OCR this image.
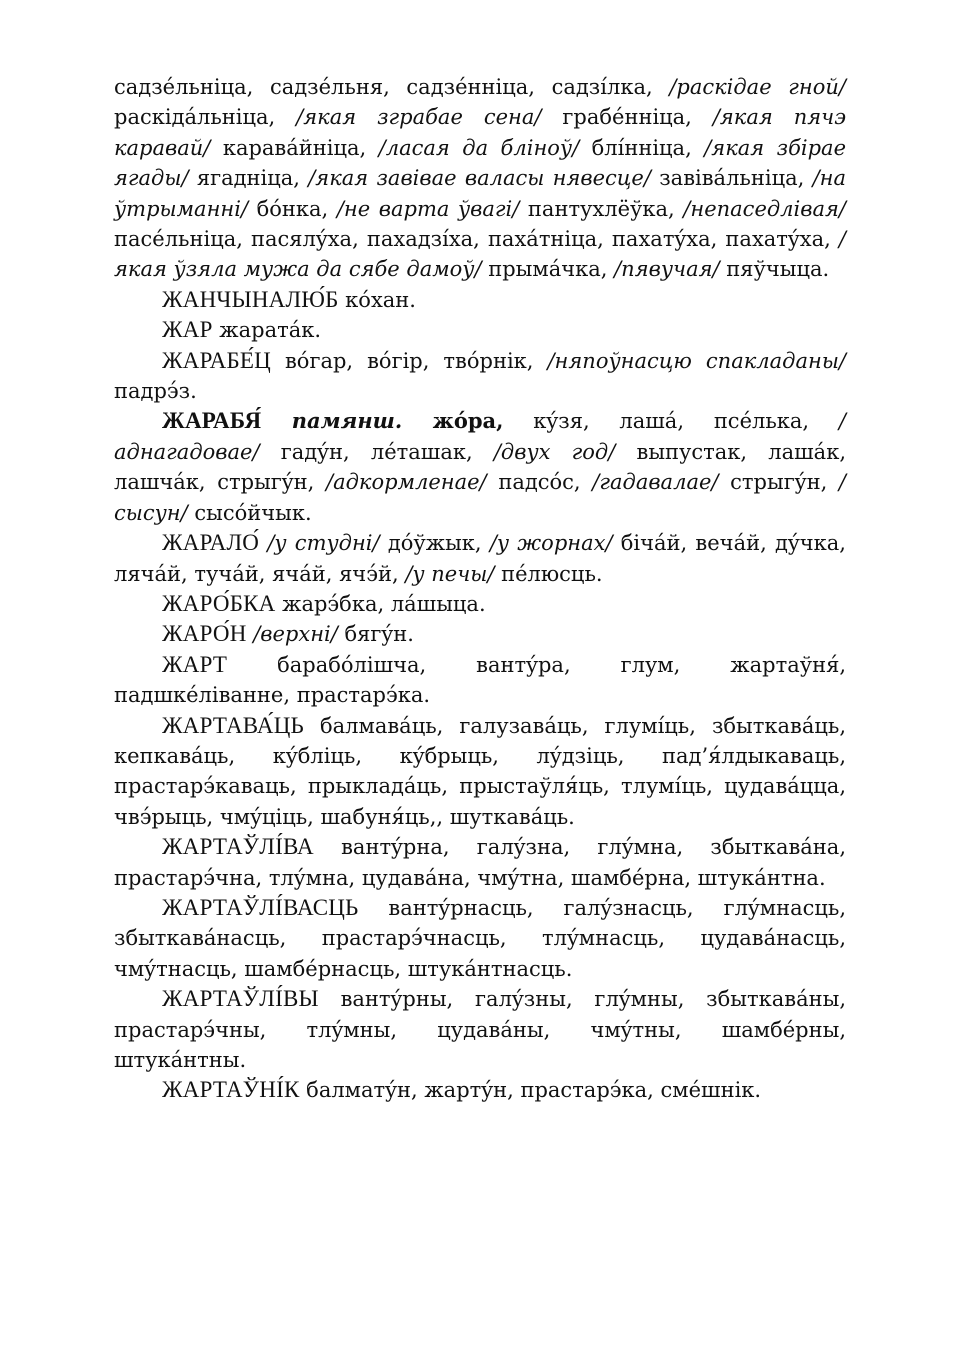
садзéльніца, садзéльня, садзéнніца, садзíлка, /раскідае гной/ раскідáльніца, /якая зграбае сена/ грабéнніца, /якая пячэ каравай/ каравáйніца, /ласая да бліноў/ блíнніца, /якая збірае ягады/ ягадніца, /якая завівае валасы нявесце/ завівáльніца, /на ўтрыманні/ бóнка, /не варта ўвагі/ пантухлёўка, /непаседлівая/ пасéльніца, пасялýха, пахадзíха, пахáтніца, пахатýха, пахатýха, /якая ўзяла мужа да сябе дамоў/ прымáчка, /пявучая/ пяўчыца.

ЖАНЧЫНАЛЮ́Б кóхан.

ЖАР жаратáк.

ЖАРАБЕ́Ц вóгар, вóгір, твóрнік, /няпоўнасцю спакладаны/ падрэ́з.

ЖАРАБЯ́ памянш. жóра, кýзя, лашá, псéлька, /аднагадовае/ гадýн, лéташак, /двух год/ выпустак, лашáк, лашчáк, стрыгýн, /адкормленае/ падсóс, /гадавалае/ стрыгýн, /сысун/ сысóйчык.

ЖАРАЛО́ /у студні/ дóўжык, /у жорнах/ бічáй, вечáй, дýчка, лячáй, тучáй, ячáй, ячэ́й, /у печы/ пéлюсць.

ЖАРО́БКА жарэ́бка, лáшыца.

ЖАРО́Н /верхні/ бягýн.

ЖАРТ барабóлішча, вантýра, глум, жартаўня́, падшкéліванне, прастарэ́ка.

ЖАРТАВА́ЦЬ балмавáць, галузавáць, глумíць, збыткавáць, кепкавáць, кýбліць, кýбрыць, лýдзіць, пад’я́лдыкаваць, прастарэ́каваць, прыкладáць, прыстаўля́ць, тлумíць, цудавáцца, чвэ́рыць, чмýціць, шабуня́ць,, шуткавáць.

ЖАРТАЎЛІ́ВА вантýрна, галýзна, глýмна, збыткавáна, прастарэ́чна, тлýмна, цудавáна, чмýтна, шамбéрна, штукáнтна.

ЖАРТАЎЛІ́ВАСЦЬ вантýрнасць, галýзнасць, глýмнасць, збыткавáнасць, прастарэ́чнасць, тлýмнасць, цудавáнасць, чмýтнасць, шамбéрнасць, штукáнтнасць.

ЖАРТАЎЛІ́ВЫ вантýрны, галýзны, глýмны, збыткавáны, прастарэ́чны, тлýмны, цудавáны, чмýтны, шамбéрны, штукáнтны.

ЖАРТАЎНІ́К балматýн, жартýн, прастарэ́ка, смéшнік.
